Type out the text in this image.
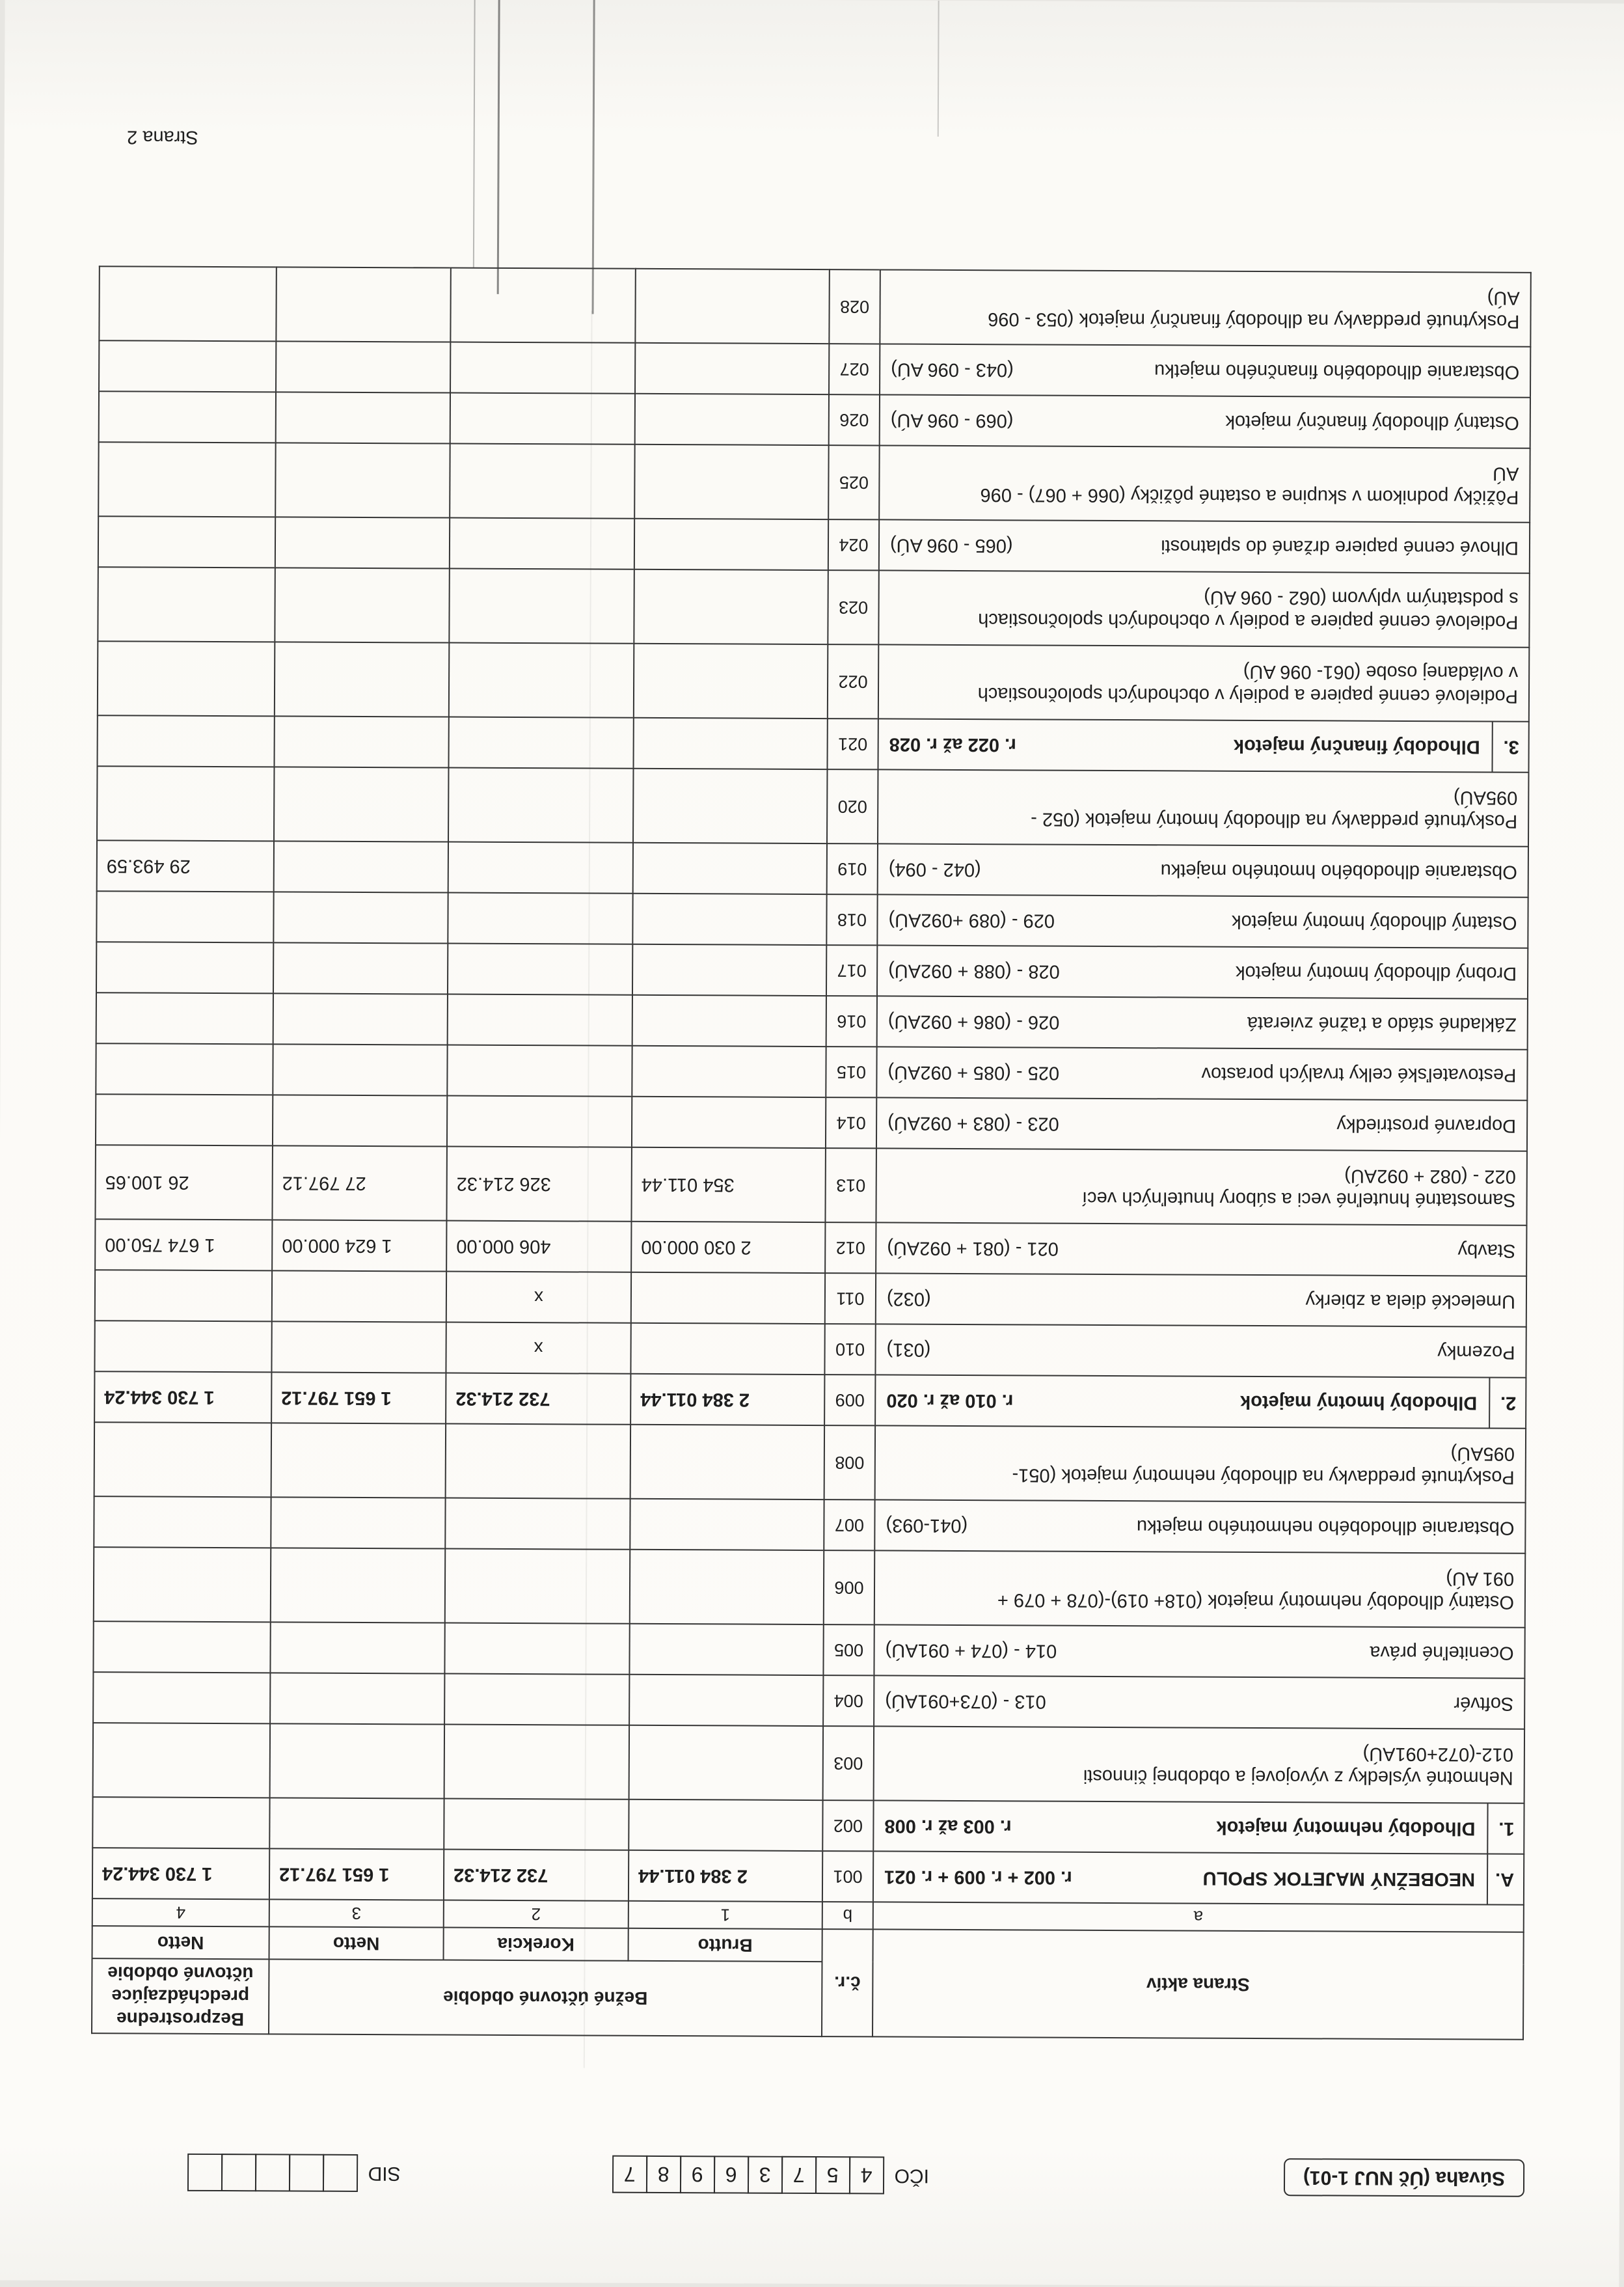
Súvaha (Úč NUJ 1-01)
IČO
4
5
7
3
6
9
8
7
SID
Strana aktív	č.r.	Bežné účtovné obdobie			Bezprostredne predchádzajúce účtovné obdobie
		Brutto	Korekcia	Netto	Netto
a	b	1	2	3	4

A.
NEOBEŽNÝ MAJETOK SPOLU
r. 002 + r. 009 + r. 021	001	2 384 011.44	732 214.32	1 651 797.12	1 730 344.24

1.
Dlhodobý nehmotný majetok
r. 003 až r. 008	002				

Nehmotné výsledky z vývojovej a obdobnej činnosti
012-(072+091AÚ)	003				

Softvér
013 - (073+091AÚ)	004				

Oceniteľné práva
014 - (074 + 091AÚ)	005				

Ostatný dlhodobý nehmotný majetok (018+ 019)-(078 + 079 +
091 AÚ)	006				

Obstaranie dlhodobého nehmotného majetku
(041-093)	007				

Poskytnuté preddavky na dlhodobý nehmotný majetok (051-
095AÚ)	008				

2.
Dlhodobý hmotný majetok
r. 010 až r. 020	009	2 384 011.44	732 214.32	1 651 797.12	1 730 344.24

Pozemky
(031)	010		x		

Umelecké diela a zbierky
(032)	011		x		

Stavby
021 - (081 + 092AÚ)	012	2 030 000.00	406 000.00	1 624 000.00	1 674 750.00

Samostatné hnuteľné veci a súbory hnuteľných vecí
022 - (082 + 092AÚ)	013	354 011.44	326 214.32	27 797.12	26 100.65

Dopravné prostriedky
023 - (083 + 092AÚ)	014				

Pestovateľské celky trvalých porastov
025 - (085 + 092AÚ)	015				

Základné stádo a ťažné zvieratá
026 - (086 + 092AÚ)	016				

Drobný dlhodobý hmotný majetok
028 - (088 + 092AÚ)	017				

Ostatný dlhodobý hmotný majetok
029 - (089 +092AÚ)	018				

Obstaranie dlhodobého hmotného majetku
(042 - 094)	019				29 493.59

Poskytnuté preddavky na dlhodobý hmotný majetok (052 -
095AÚ)	020				

3.
Dlhodobý finančný majetok
r. 022 až r. 028	021				

Podielové cenné papiere a podiely v obchodných spoločnostiach
v ovládanej osobe (061- 096 AÚ)	022				

Podielové cenné papiere a podiely v obchodných spoločnostiach
s podstatným vplyvom (062 - 096 AÚ)	023				

Dlhové cenné papiere držané do splatnosti
(065 - 096 AÚ)	024				

Pôžičky podnikom v skupine a ostatné pôžičky (066 + 067) - 096
AÚ	025				

Ostatný dlhodobý finančný majetok
(069 - 096 AÚ)	026				

Obstaranie dlhodobého finančného majetku
(043 - 096 AÚ)	027				

Poskytnuté preddavky na dlhodobý finančný majetok (053 - 096
AÚ)	028				
Strana 2
